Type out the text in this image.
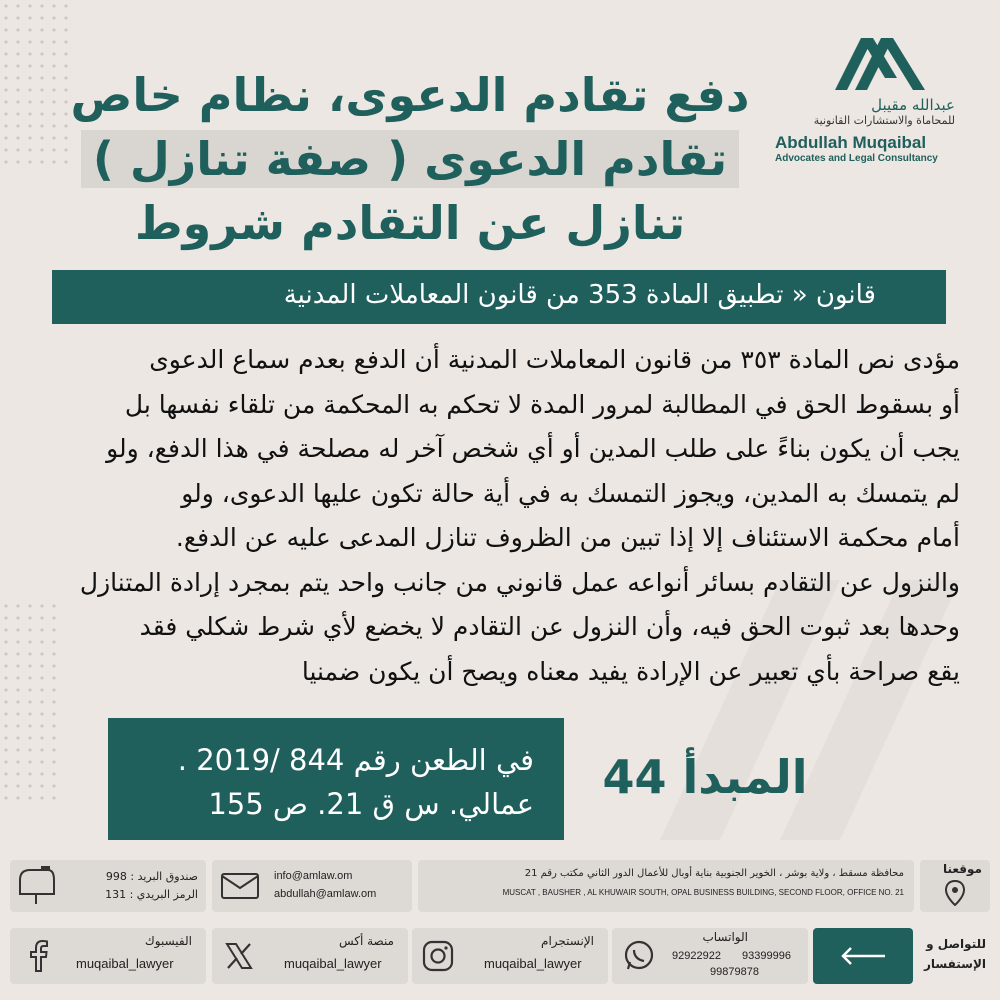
عبدالله مقيبل
للمحاماة والاستشارات القانونية
Abdullah Muqaibal
Advocates and Legal Consultancy
دفع تقادم الدعوى، نظام خاص
تقادم الدعوى ( صفة تنازل )
تنازل عن التقادم شروط
قانون « تطبيق المادة 353 من قانون المعاملات المدنية
مؤدى نص المادة ٣٥٣ من قانون المعاملات المدنية أن الدفع بعدم سماع الدعوى
أو بسقوط الحق في المطالبة لمرور المدة لا تحكم به المحكمة من تلقاء نفسها بل
يجب أن يكون بناءً على طلب المدين أو أي شخص آخر له مصلحة في هذا الدفع، ولو
لم يتمسك به المدين، ويجوز التمسك به في أية حالة تكون عليها الدعوى، ولو
أمام محكمة الاستئناف إلا إذا تبين من الظروف تنازل المدعى عليه عن الدفع.
والنزول عن التقادم بسائر أنواعه عمل قانوني من جانب واحد يتم بمجرد إرادة المتنازل
وحدها بعد ثبوت الحق فيه، وأن النزول عن التقادم لا يخضع لأي شرط شكلي فقد
يقع صراحة بأي تعبير عن الإرادة يفيد معناه ويصح أن يكون ضمنيا
في الطعن رقم 844 /2019 .
عمالي. س ق 21. ص 155 المبدأ 44
موقعنا
محافظة مسقط ، ولاية بوشر ، الخوير الجنوبية بناية أوبال للأعمال الدور الثاني مكتب رقم 21
MUSCAT , BAUSHER , AL KHUWAIR SOUTH, OPAL BUSINESS BUILDING, SECOND FLOOR, OFFICE NO. 21
info@amlaw.om
abdullah@amlaw.om
صندوق البريد : 998
الرمز البريدي : 131
للتواصل و الإستفسار
الواتساب
93399996
92922922
99879878
الإنستجرام
muqaibal_lawyer
منصة أكس
muqaibal_lawyer
الفيسبوك
muqaibal_lawyer
